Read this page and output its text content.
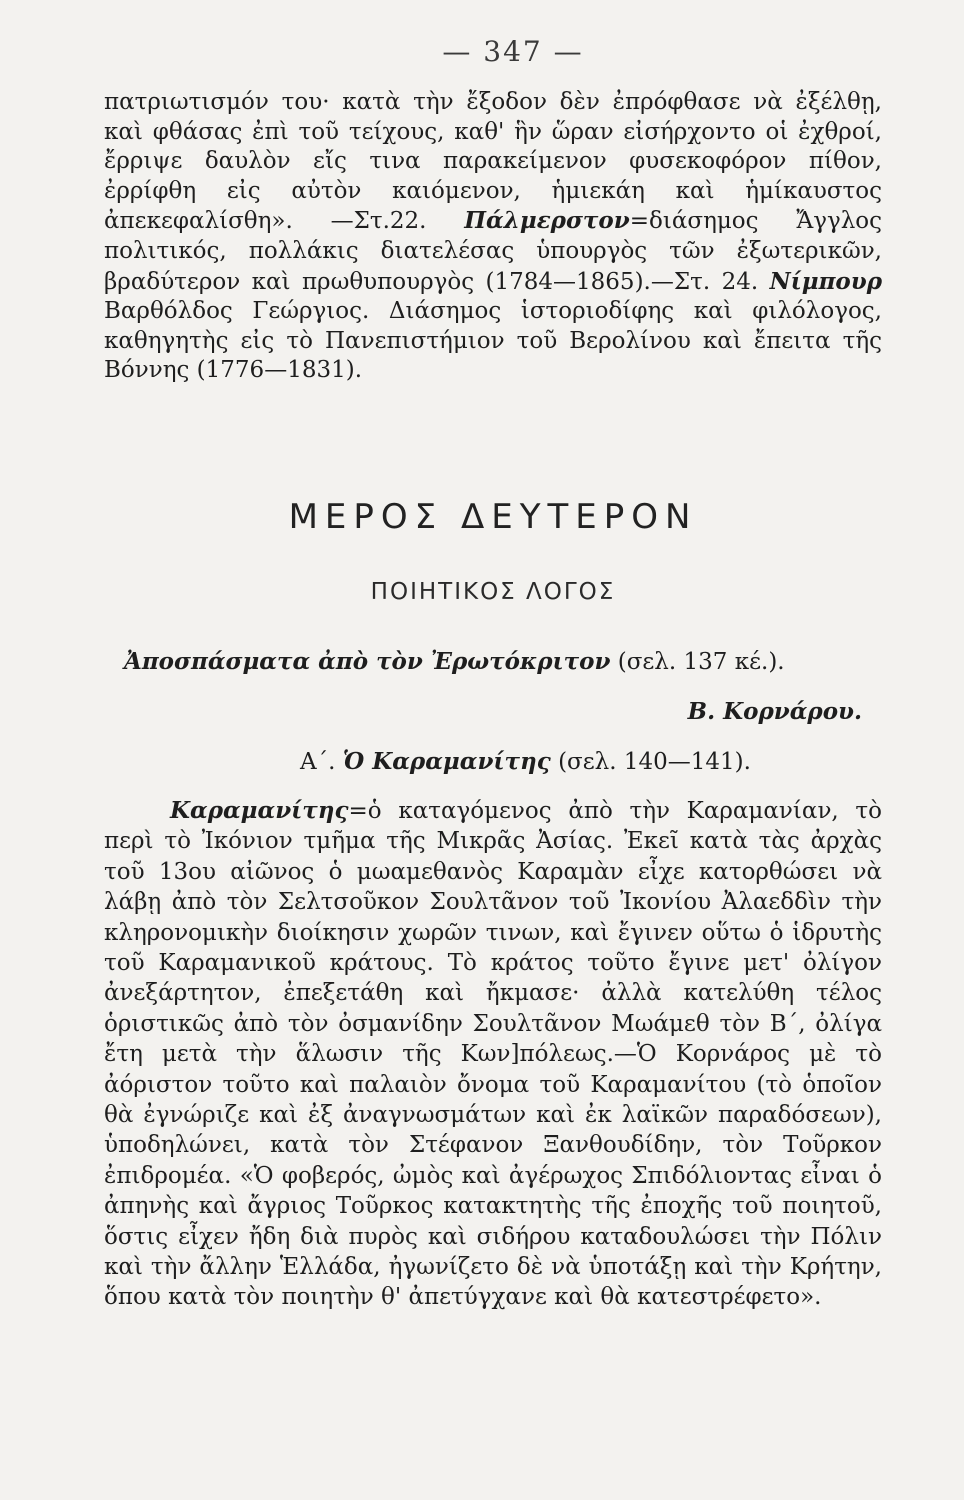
— 347 —

πατριωτισμόν του· κατὰ τὴν ἔξοδον δὲν ἐπρόφθασε νὰ ἐξέλθῃ, καὶ φθάσας ἐπὶ τοῦ τείχους, καθ' ἣν ὥραν εἰσήρχοντο οἱ ἐχθροί, ἔρριψε δαυλὸν εἴς τινα παρακείμενον φυσεκοφόρον πίθον, ἐρρίφθη εἰς αὐτὸν καιόμενον, ἡμιεκάη καὶ ἡμίκαυστος ἀπεκεφαλίσθη». —Στ.22. Πάλμερστον=διάσημος Ἄγγλος πολιτικός, πολλάκις διατελέσας ὑπουργὸς τῶν ἐξωτερικῶν, βραδύτερον καὶ πρωθυπουργὸς (1784—1865).—Στ. 24. Νίμπουρ Βαρθόλδος Γεώργιος. Διάσημος ἱστοριοδίφης καὶ φιλόλογος, καθηγητὴς εἰς τὸ Πανεπιστήμιον τοῦ Βερολίνου καὶ ἔπειτα τῆς Βόννης (1776—1831).

ΜΕΡΟΣ ΔΕΥΤΕΡΟΝ
ΠΟΙΗΤΙΚΟΣ ΛΟΓΟΣ
Ἀποσπάσματα ἀπὸ τὸν Ἐρωτόκριτον (σελ. 137 κέ.).
Β. Κορνάρου.
Α΄. Ὁ Καραμανίτης (σελ. 140—141).

Καραμανίτης=ὁ καταγόμενος ἀπὸ τὴν Καραμανίαν, τὸ περὶ τὸ Ἰκόνιον τμῆμα τῆς Μικρᾶς Ἀσίας. Ἐκεῖ κατὰ τὰς ἀρχὰς τοῦ 13ου αἰῶνος ὁ μωαμεθανὸς Καραμὰν εἶχε κατορθώσει νὰ λάβῃ ἀπὸ τὸν Σελτσοῦκον Σουλτᾶνον τοῦ Ἰκονίου Ἀλαεδδὶν τὴν κληρονομικὴν διοίκησιν χωρῶν τινων, καὶ ἔγινεν οὕτω ὁ ἱδρυτὴς τοῦ Καραμανικοῦ κράτους. Τὸ κράτος τοῦτο ἔγινε μετ' ὀλίγον ἀνεξάρτητον, ἐπεξετάθη καὶ ἤκμασε· ἀλλὰ κατελύθη τέλος ὁριστικῶς ἀπὸ τὸν ὀσμανίδην Σουλτᾶνον Μωάμεθ τὸν Β΄, ὀλίγα ἔτη μετὰ τὴν ἅλωσιν τῆς Κων]πόλεως.—Ὁ Κορνάρος μὲ τὸ ἀόριστον τοῦτο καὶ παλαιὸν ὄνομα τοῦ Καραμανίτου (τὸ ὁποῖον θὰ ἐγνώριζε καὶ ἐξ ἀναγνωσμάτων καὶ ἐκ λαϊκῶν παραδόσεων), ὑποδηλώνει, κατὰ τὸν Στέφανον Ξανθουδίδην, τὸν Τοῦρκον ἐπιδρομέα. «Ὁ φοβερός, ὠμὸς καὶ ἀγέρωχος Σπιδόλιοντας εἶναι ὁ ἀπηνὴς καὶ ἄγριος Τοῦρκος κατακτητὴς τῆς ἐποχῆς τοῦ ποιητοῦ, ὅστις εἶχεν ἤδη διὰ πυρὸς καὶ σιδήρου καταδουλώσει τὴν Πόλιν καὶ τὴν ἄλλην Ἑλλάδα, ἠγωνίζετο δὲ νὰ ὑποτάξῃ καὶ τὴν Κρήτην, ὅπου κατὰ τὸν ποιητὴν θ' ἀπετύγχανε καὶ θὰ κατεστρέφετο».
